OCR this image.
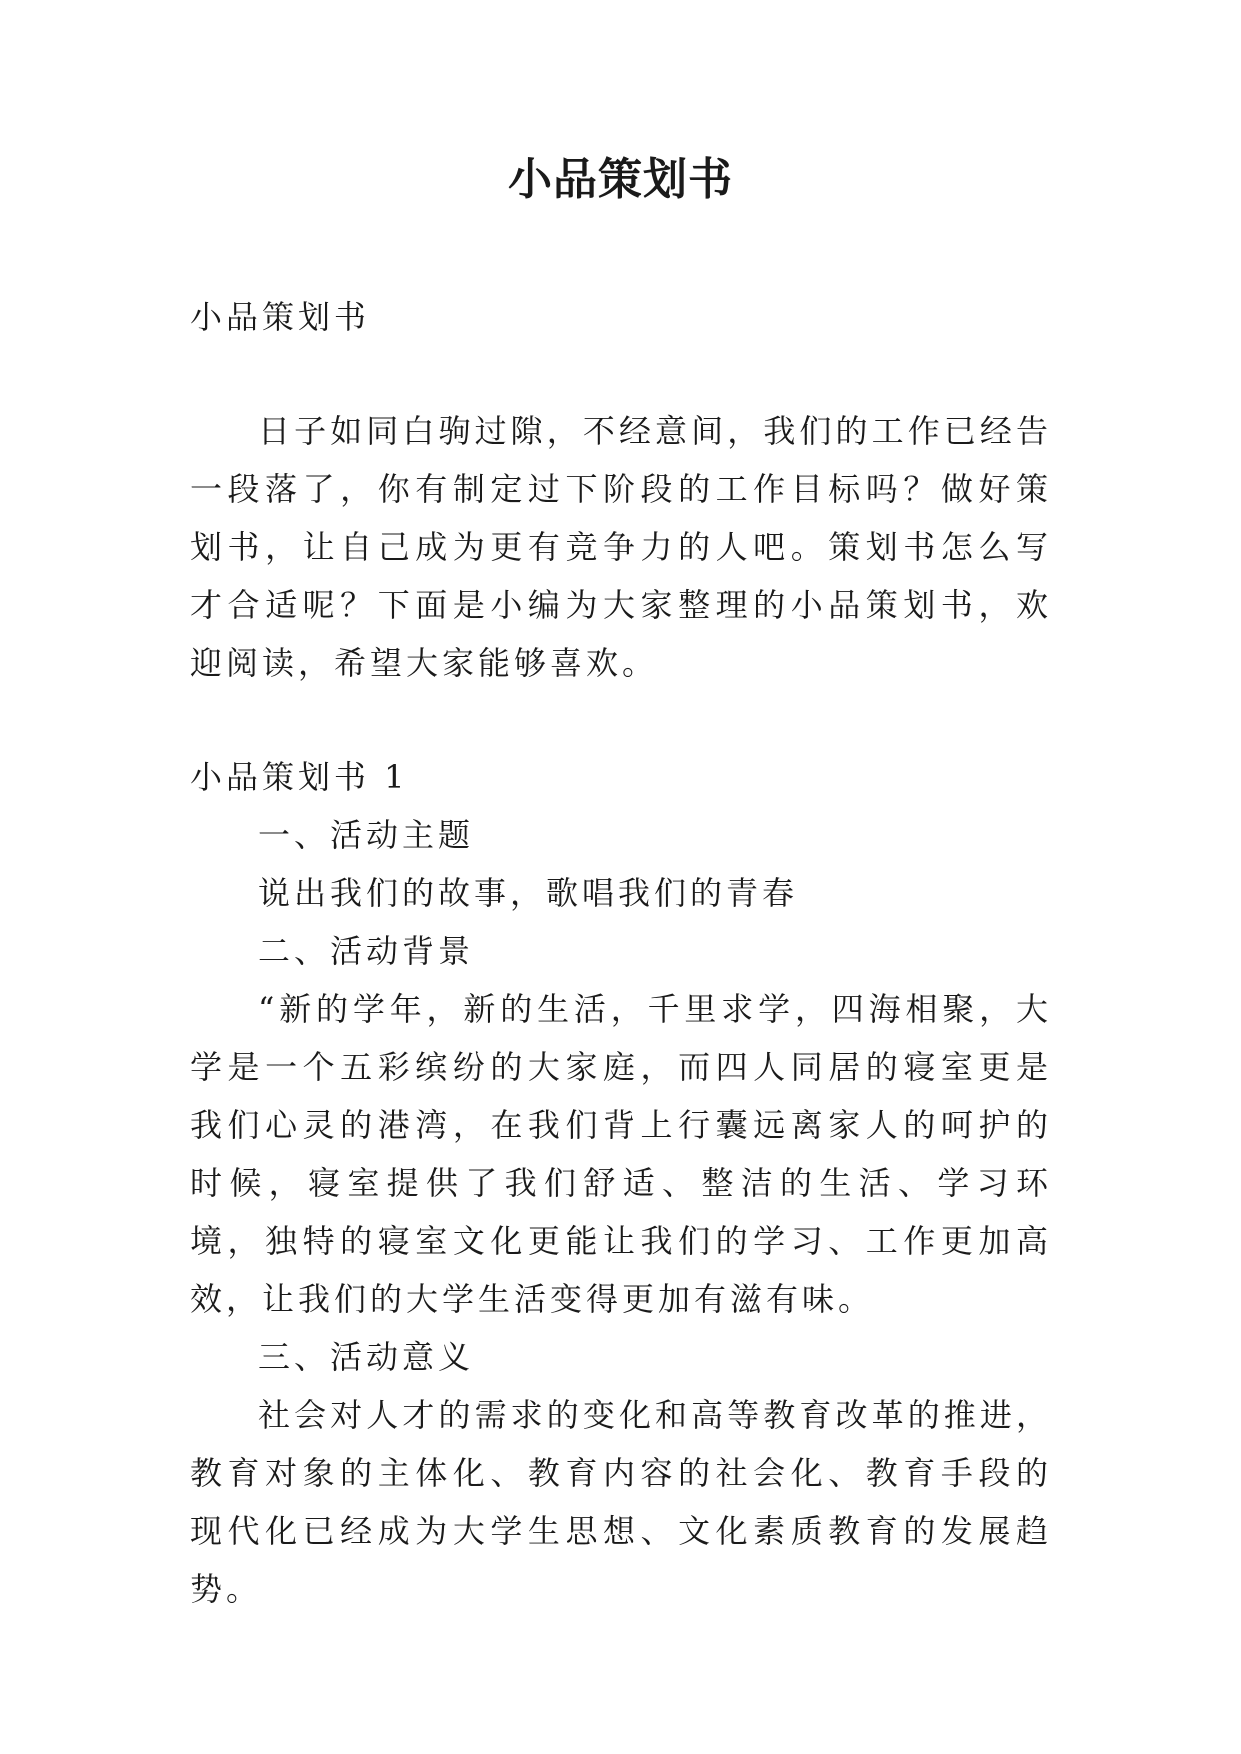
小品策划书

小品策划书

日子如同白驹过隙，不经意间，我们的工作已经告一段落了，你有制定过下阶段的工作目标吗？做好策划书，让自己成为更有竞争力的人吧。策划书怎么写才合适呢？下面是小编为大家整理的小品策划书，欢迎阅读，希望大家能够喜欢。

小品策划书 1

一、活动主题

说出我们的故事，歌唱我们的青春

二、活动背景

“新的学年，新的生活，千里求学，四海相聚，大学是一个五彩缤纷的大家庭，而四人同居的寝室更是我们心灵的港湾，在我们背上行囊远离家人的呵护的时候，寝室提供了我们舒适、整洁的生活、学习环境，独特的寝室文化更能让我们的学习、工作更加高效，让我们的大学生活变得更加有滋有味。

三、活动意义

社会对人才的需求的变化和高等教育改革的推进，教育对象的主体化、教育内容的社会化、教育手段的现代化已经成为大学生思想、文化素质教育的发展趋势。
